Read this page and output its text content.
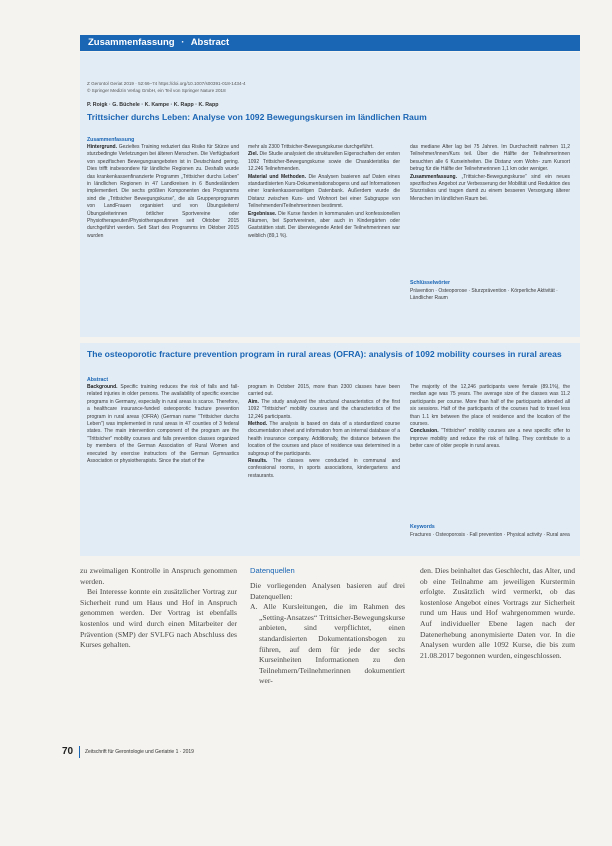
Zusammenfassung · Abstract
Z Gerontol Geriat 2019 · 52:66–74 https://doi.org/10.1007/s00391-018-1434-4
© Springer Medizin Verlag GmbH, ein Teil von Springer Nature 2018
P. Roigk · G. Büchele · K. Kampe · K. Rapp · K. Rapp
Trittsicher durchs Leben: Analyse von 1092 Bewegungskursen im ländlichen Raum
Zusammenfassung
Hintergrund. Gezieltes Training reduziert das Risiko für Stürze und sturzbedingte Verletzungen bei älteren Menschen. Die Verfügbarkeit von spezifischen Bewegungsangeboten ist in Deutschland gering. Dies trifft insbesondere für ländliche Regionen zu. Deshalb wurde das krankenkassenfinanzierte Programm „Trittsicher durchs Leben“ in ländlichen Regionen in 47 Landkreisen in 6 Bundesländern implementiert. Die sechs größten Komponenten des Programms sind die „Trittsicher Bewegungskurse“, die als Gruppenprogramm von LandFrauen organisiert und von Übungsleitern/Übungsleiterinnen örtlicher Sportvereine oder Physiotherapeuten/Physiotherapeutinnen seit Oktober 2015 durchgeführt werden. Seit Start des Programms im Oktober 2015 wurden
mehr als 2300 Trittsicher-Bewegungskurse durchgeführt.
Ziel. Die Studie analysiert die strukturellen Eigenschaften der ersten 1092 Trittsicher-Bewegungskurse sowie die Charakteristika der 12.246 Teilnehmenden.
Material und Methoden. Die Analysen basieren auf Daten eines standardisierten Kurs-Dokumentationsbogens und auf Informationen einer krankenkassenseitigen Datenbank. Außerdem wurde die Distanz zwischen Kurs- und Wohnort bei einer Subgruppe von Teilnehmenden/Teilnehmerinnen bestimmt.
Ergebnisse. Die Kurse fanden in kommunalen und konfessionellen Räumen, bei Sportvereinen, aber auch in Kindergärten oder Gaststätten statt. Der überwiegende Anteil der Teilnehmerinnen war weiblich (89,1 %).
das mediane Alter lag bei 75 Jahren. Im Durchschnitt nahmen 11,2 Teilnehmer/innen/Kurs teil. Über die Hälfte der Teilnehmerinnen besuchten alle 6 Kurseinheiten. Die Distanz vom Wohn- zum Kursort betrug für die Hälfte der Teilnehmerinnen 1,1 km oder weniger.
Zusammenfassung. „Trittsicher-Bewegungskurse“ sind ein neues spezifisches Angebot zur Verbesserung der Mobilität und Reduktion des Sturzrisikos und tragen damit zu einem besseren Versorgung älterer Menschen im ländlichen Raum bei.
Schlüsselwörter
Prävention · Osteoporose · Sturzprävention · Körperliche Aktivität · Ländlicher Raum
The osteoporotic fracture prevention program in rural areas (OFRA): analysis of 1092 mobility courses in rural areas
Abstract
Background. Specific training reduces the risk of falls and fall-related injuries in older persons. The availability of specific exercise programs in Germany, especially in rural areas is scarce. Therefore, a healthcare insurance-funded osteoporotic fracture prevention program in rural areas (OFRA) (German name “Trittsicher durchs Leben”) was implemented in rural areas in 47 counties of 3 federal states. The main intervention component of the program are the “Trittsicher” mobility courses and falls prevention classes organized by members of the German Association of Rural Women and executed by exercise instructors of the German Gymnastics Association or physiotherapists. Since the start of the
program in October 2015, more than 2300 classes have been carried out.
Aim. The study analyzed the structural characteristics of the first 1092 “Trittsicher” mobility courses and the characteristics of the 12,246 participants.
Method. The analysis is based on data of a standardized course documentation sheet and information from an internal database of a health insurance company. Additionally, the distance between the location of the courses and place of residence was determined in a subgroup of the participants.
Results. The classes were conducted in communal and confessional rooms, in sports associations, kindergartens and restaurants.
The majority of the 12,246 participants were female (89.1%), the median age was 75 years. The average size of the classes was 11.2 participants per course. More than half of the participants attended all six sessions. Half of the participants of the courses had to travel less than 1.1 km between the place of residence and the location of the courses.
Conclusion. “Trittsicher” mobility courses are a new specific offer to improve mobility and reduce the risk of falling. They contribute to a better care of older people in rural areas.
Keywords
Fractures · Osteoporosis · Fall prevention · Physical activity · Rural area
zu zweimaligen Kontrolle in Anspruch genommen werden.
Bei Interesse konnte ein zusätzlicher Vortrag zur Sicherheit rund um Haus und Hof in Anspruch genommen werden. Der Vortrag ist ebenfalls kostenlos und wird durch einen Mitarbeiter der Prävention (SMP) der SVLFG nach Abschluss des Kurses gehalten.
Datenquellen
Die vorliegenden Analysen basieren auf drei Datenquellen:
A. Alle Kursleitungen, die im Rahmen des „Setting-Ansatzes“ Trittsicher-Bewegungskurse anbieten, sind verpflichtet, einen standardisierten Dokumentationsbogen zu führen, auf dem für jede der sechs Kurseinheiten Informationen zu den Teilnehmern/Teilnehmerinnen dokumentiert wer-
den. Dies beinhaltet das Geschlecht, das Alter, und ob eine Teilnahme am jeweiligen Kurstermin erfolgte. Zusätzlich wird vermerkt, ob das kostenlose Angebot eines Vortrags zur Sicherheit rund um Haus und Hof wahrgenommen wurde. Auf individueller Ebene lagen nach der Datenerhebung anonymisierte Daten vor. In die Analysen wurden alle 1092 Kurse, die bis zum 21.08.2017 begonnen wurden, eingeschlossen.
70 Zeitschrift für Gerontologie und Geriatrie 1 · 2019
